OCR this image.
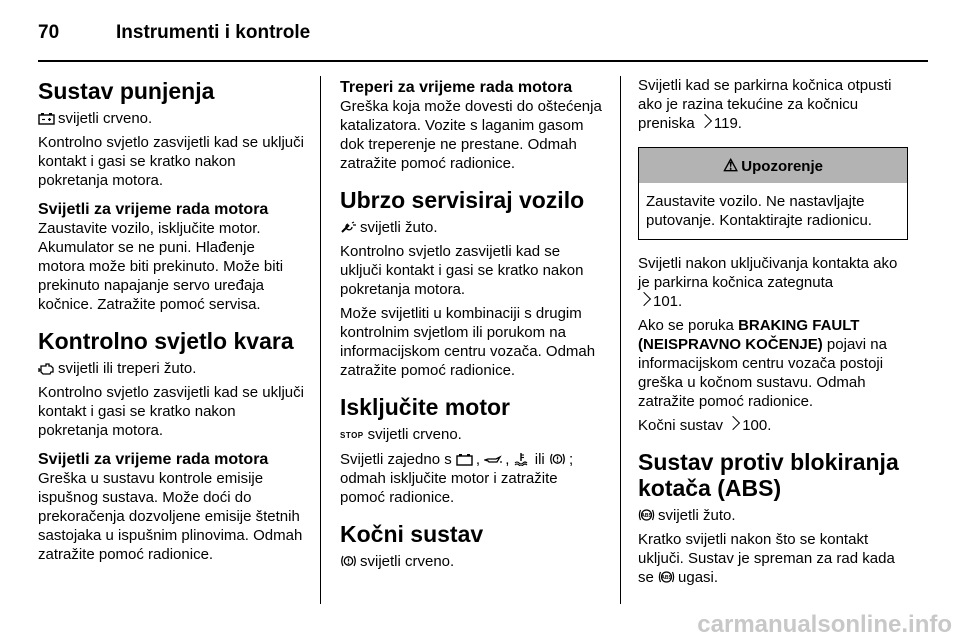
70	Instrumenti i kontrole
Sustav punjenja

svijetli crveno.

Kontrolno svjetlo zasvijetli kad se uključi kontakt i gasi se kratko nakon pokretanja motora.

Svijetli za vrijeme rada motora

Zaustavite vozilo, isključite motor. Akumulator se ne puni. Hlađenje motora može biti prekinuto. Može biti prekinuto napajanje servo uređaja kočnice. Zatražite pomoć servisa.

Kontrolno svjetlo kvara

svijetli ili treperi žuto.

Kontrolno svjetlo zasvijetli kad se uključi kontakt i gasi se kratko nakon pokretanja motora.

Svijetli za vrijeme rada motora

Greška u sustavu kontrole emisije ispušnog sustava. Može doći do prekoračenja dozvoljene emisije štetnih sastojaka u ispušnim plinovima. Odmah zatražite pomoć radionice.

Treperi za vrijeme rada motora

Greška koja može dovesti do oštećenja katalizatora. Vozite s laganim gasom dok treperenje ne prestane. Odmah zatražite pomoć radionice.

Ubrzo servisiraj vozilo

svijetli žuto.

Kontrolno svjetlo zasvijetli kad se uključi kontakt i gasi se kratko nakon pokretanja motora.

Može svijetliti u kombinaciji s drugim kontrolnim svjetlom ili porukom na informacijskom centru vozača. Odmah zatražite pomoć radionice.

Isključite motor

STOP svijetli crveno.

Svijetli zajedno s , , ili ; odmah isključite motor i zatražite pomoć radionice.

Kočni sustav

svijetli crveno.

Svijetli kad se parkirna kočnica otpusti ako je razina tekućine za kočnicu preniska 119.

⚠ Upozorenje
Zaustavite vozilo. Ne nastavljajte putovanje. Kontaktirajte radionicu.

Svijetli nakon uključivanja kontakta ako je parkirna kočnica zategnuta
101.

Ako se poruka BRAKING FAULT (NEISPRAVNO KOČENJE) pojavi na informacijskom centru vozača postoji greška u kočnom sustavu. Odmah zatražite pomoć radionice.

Kočni sustav 100.

Sustav protiv blokiranja kotača (ABS)

ABS svijetli žuto.

Kratko svijetli nakon što se kontakt uključi. Sustav je spreman za rad kada se ABS ugasi.

carmanualsonline.info
